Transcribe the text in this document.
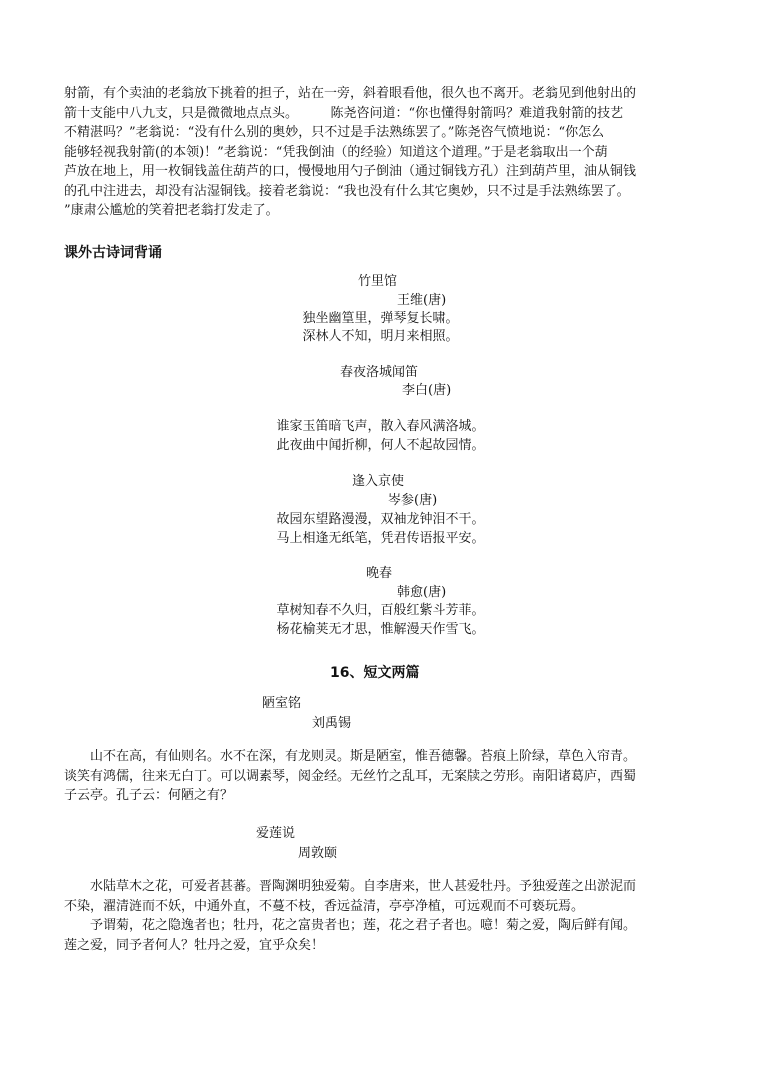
射箭，有个卖油的老翁放下挑着的担子，站在一旁，斜着眼看他，很久也不离开。老翁见到他射出的

箭十支能中八九支，只是微微地点点头。　　　陈尧咨问道：“你也懂得射箭吗？难道我射箭的技艺

不精湛吗？”老翁说：“没有什么别的奥妙，只不过是手法熟练罢了。”陈尧咨气愤地说：“你怎么

能够轻视我射箭(的本领)！”老翁说：“凭我倒油（的经验）知道这个道理。”于是老翁取出一个葫

芦放在地上，用一枚铜钱盖住葫芦的口，慢慢地用勺子倒油（通过铜钱方孔）注到葫芦里，油从铜钱

的孔中注进去，却没有沾湿铜钱。接着老翁说：“我也没有什么其它奥妙，只不过是手法熟练罢了。

”康肃公尴尬的笑着把老翁打发走了。

课外古诗词背诵
竹里馆
王维(唐)
独坐幽篁里，弹琴复长啸。
深林人不知，明月来相照。
春夜洛城闻笛
李白(唐)
谁家玉笛暗飞声，散入春风满洛城。
此夜曲中闻折柳，何人不起故园情。
逢入京使
岑参(唐)
故园东望路漫漫，双袖龙钟泪不干。
马上相逢无纸笔，凭君传语报平安。
晚春
韩愈(唐)
草树知春不久归，百般红紫斗芳菲。
杨花榆荚无才思，惟解漫天作雪飞。
16、短文两篇
陋室铭
刘禹锡

山不在高，有仙则名。水不在深，有龙则灵。斯是陋室，惟吾德馨。苔痕上阶绿，草色入帘青。

谈笑有鸿儒，往来无白丁。可以调素琴，阅金经。无丝竹之乱耳，无案牍之劳形。南阳诸葛庐，西蜀

子云亭。孔子云：何陋之有？

爱莲说
周敦颐

水陆草木之花，可爱者甚蕃。晋陶渊明独爱菊。自李唐来，世人甚爱牡丹。予独爱莲之出淤泥而

不染，濯清涟而不妖，中通外直，不蔓不枝，香远益清，亭亭净植，可远观而不可亵玩焉。

予谓菊，花之隐逸者也；牡丹，花之富贵者也；莲，花之君子者也。噫！菊之爱，陶后鲜有闻。

莲之爱，同予者何人？牡丹之爱，宜乎众矣！
